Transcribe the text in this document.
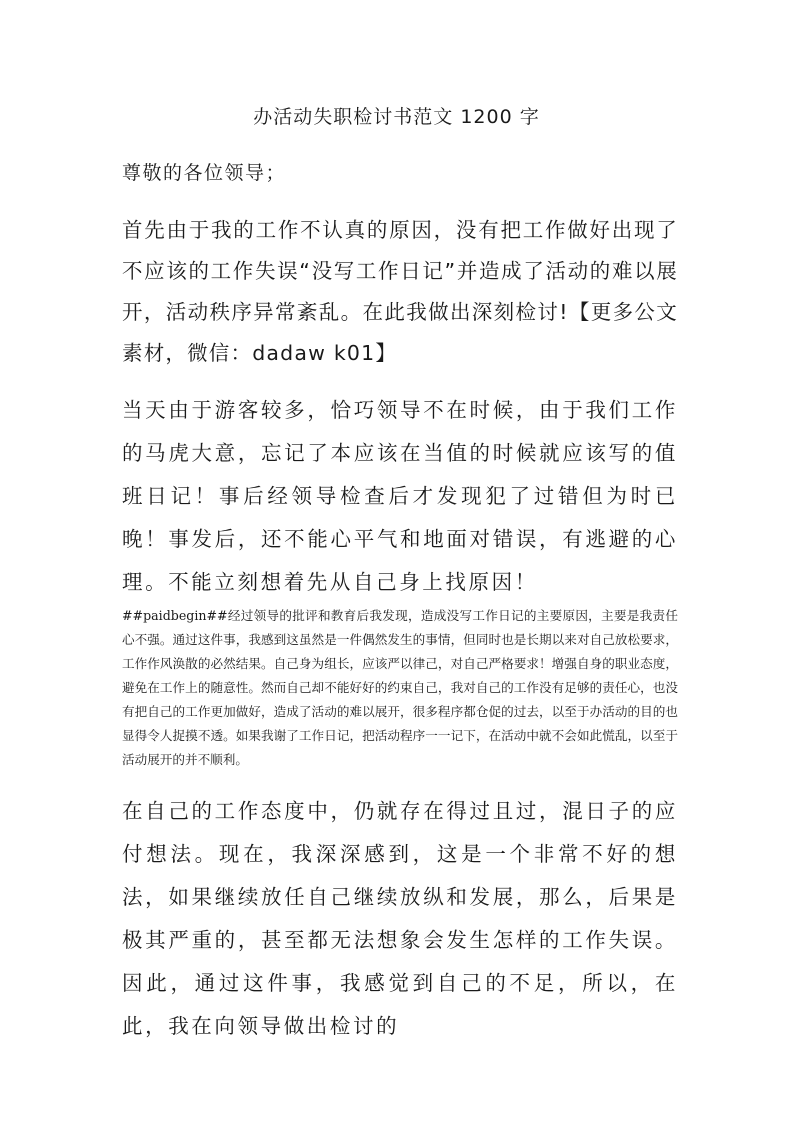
办活动失职检讨书范文 1200 字
尊敬的各位领导；

首先由于我的工作不认真的原因，没有把工作做好出现了不应该的工作失误“没写工作日记”并造成了活动的难以展开，活动秩序异常紊乱。在此我做出深刻检讨!【更多公文素材，微信：dadaw k01】

当天由于游客较多，恰巧领导不在时候，由于我们工作的马虎大意，忘记了本应该在当值的时候就应该写的值班日记！事后经领导检查后才发现犯了过错但为时已晚！事发后，还不能心平气和地面对错误，有逃避的心理。不能立刻想着先从自己身上找原因！

##paidbegin##经过领导的批评和教育后我发现，造成没写工作日记的主要原因，主要是我责任心不强。通过这件事，我感到这虽然是一件偶然发生的事情，但同时也是长期以来对自己放松要求，工作作风涣散的必然结果。自己身为组长，应该严以律己，对自己严格要求！增强自身的职业态度，避免在工作上的随意性。然而自己却不能好好的约束自己，我对自己的工作没有足够的责任心，也没有把自己的工作更加做好，造成了活动的难以展开，很多程序都仓促的过去，以至于办活动的目的也显得令人捉摸不透。如果我谢了工作日记，把活动程序一一记下，在活动中就不会如此慌乱，以至于活动展开的并不顺利。

在自己的工作态度中，仍就存在得过且过，混日子的应付想法。现在，我深深感到，这是一个非常不好的想法，如果继续放任自己继续放纵和发展，那么，后果是极其严重的，甚至都无法想象会发生怎样的工作失误。因此，通过这件事，我感觉到自己的不足，所以，在此，我在向领导做出检讨的
